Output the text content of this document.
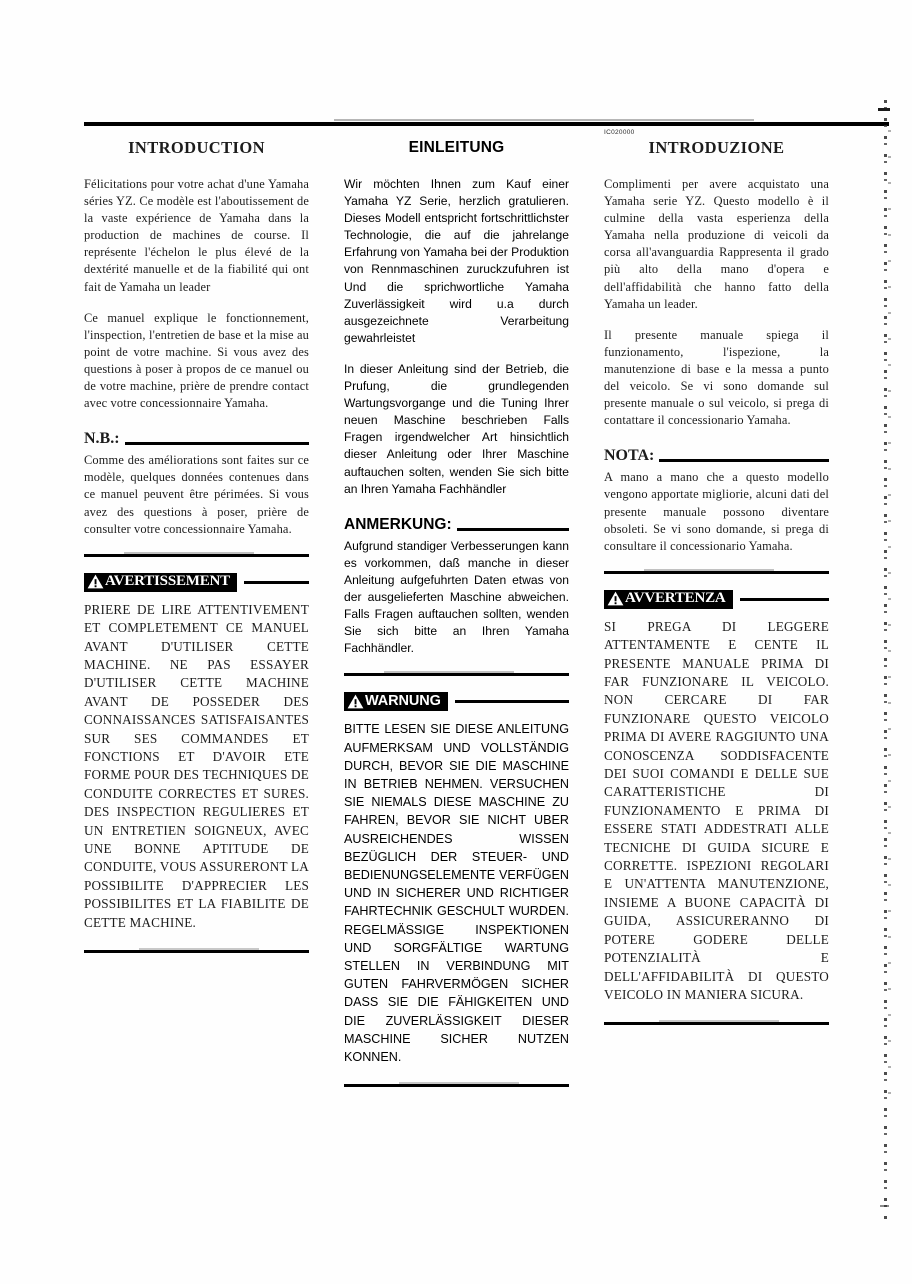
INTRODUCTION

Félicitations pour votre achat d'une Yamaha séries YZ. Ce modèle est l'aboutissement de la vaste expérience de Yamaha dans la production de machines de course. Il représente l'échelon le plus élevé de la dextérité manuelle et de la fiabilité qui ont fait de Yamaha un leader

Ce manuel explique le fonctionnement, l'inspection, l'entretien de base et la mise au point de votre machine. Si vous avez des questions à poser à propos de ce manuel ou de votre machine, prière de prendre contact avec votre concessionnaire Yamaha.

N.B.:

Comme des améliorations sont faites sur ce modèle, quelques données contenues dans ce manuel peuvent être périmées. Si vous avez des questions à poser, prière de consulter votre concessionnaire Yamaha.

AVERTISSEMENT

PRIERE DE LIRE ATTENTIVEMENT ET COMPLETEMENT CE MANUEL AVANT D'UTILISER CETTE MACHINE. NE PAS ESSAYER D'UTILISER CETTE MACHINE AVANT DE POSSEDER DES CONNAISSANCES SATISFAISANTES SUR SES COMMANDES ET FONCTIONS ET D'AVOIR ETE FORME POUR DES TECHNIQUES DE CONDUITE CORRECTES ET SURES. DES INSPECTION REGULIERES ET UN ENTRETIEN SOIGNEUX, AVEC UNE BONNE APTITUDE DE CONDUITE, VOUS ASSURERONT LA POSSIBILITE D'APPRECIER LES POSSIBILITES ET LA FIABILITE DE CETTE MACHINE.

EINLEITUNG

Wir möchten Ihnen zum Kauf einer Yamaha YZ Serie, herzlich gratulieren. Dieses Modell entspricht fortschrittlichster Technologie, die auf die jahrelange Erfahrung von Yamaha bei der Produktion von Rennmaschinen zuruckzufuhren ist Und die sprichwortliche Yamaha Zuverlässigkeit wird u.a durch ausgezeichnete Verarbeitung gewahrleistet

In dieser Anleitung sind der Betrieb, die Prufung, die grundlegenden Wartungsvorgange und die Tuning Ihrer neuen Maschine beschrieben Falls Fragen irgendwelcher Art hinsichtlich dieser Anleitung oder Ihrer Maschine auftauchen solten, wenden Sie sich bitte an Ihren Yamaha Fachhändler

ANMERKUNG:

Aufgrund standiger Verbesserungen kann es vorkommen, daß manche in dieser Anleitung aufgefuhrten Daten etwas von der ausgelieferten Maschine abweichen. Falls Fragen auftauchen sollten, wenden Sie sich bitte an Ihren Yamaha Fachhändler.

WARNUNG

BITTE LESEN SIE DIESE ANLEITUNG AUFMERKSAM UND VOLLSTÄNDIG DURCH, BEVOR SIE DIE MASCHINE IN BETRIEB NEHMEN. VERSUCHEN SIE NIEMALS DIESE MASCHINE ZU FAHREN, BEVOR SIE NICHT UBER AUSREICHENDES WISSEN BEZÜGLICH DER STEUER- UND BEDIENUNGSELEMENTE VERFÜGEN UND IN SICHERER UND RICHTIGER FAHRTECHNIK GESCHULT WURDEN. REGELMÄSSIGE INSPEKTIONEN UND SORGFÄLTIGE WARTUNG STELLEN IN VERBINDUNG MIT GUTEN FAHRVERMÖGEN SICHER DASS SIE DIE FÄHIGKEITEN UND DIE ZUVERLÄSSIGKEIT DIESER MASCHINE SICHER NUTZEN KONNEN.

IC020000
INTRODUZIONE

Complimenti per avere acquistato una Yamaha serie YZ. Questo modello è il culmine della vasta esperienza della Yamaha nella produzione di veicoli da corsa all'avanguardia Rappresenta il grado più alto della mano d'opera e dell'affidabilità che hanno fatto della Yamaha un leader.

Il presente manuale spiega il funzionamento, l'ispezione, la manutenzione di base e la messa a punto del veicolo. Se vi sono domande sul presente manuale o sul veicolo, si prega di contattare il concessionario Yamaha.

NOTA:

A mano a mano che a questo modello vengono apportate migliorie, alcuni dati del presente manuale possono diventare obsoleti. Se vi sono domande, si prega di consultare il concessionario Yamaha.

AVVERTENZA

SI PREGA DI LEGGERE ATTENTAMENTE E CENTE IL PRESENTE MANUALE PRIMA DI FAR FUNZIONARE IL VEICOLO. NON CERCARE DI FAR FUNZIONARE QUESTO VEICOLO PRIMA DI AVERE RAGGIUNTO UNA CONOSCENZA SODDISFACENTE DEI SUOI COMANDI E DELLE SUE CARATTERISTICHE DI FUNZIONAMENTO E PRIMA DI ESSERE STATI ADDESTRATI ALLE TECNICHE DI GUIDA SICURE E CORRETTE. ISPEZIONI REGOLARI E UN'ATTENTA MANUTENZIONE, INSIEME A BUONE CAPACITÀ DI GUIDA, ASSICURERANNO DI POTERE GODERE DELLE POTENZIALITÀ E DELL'AFFIDABILITÀ DI QUESTO VEICOLO IN MANIERA SICURA.
